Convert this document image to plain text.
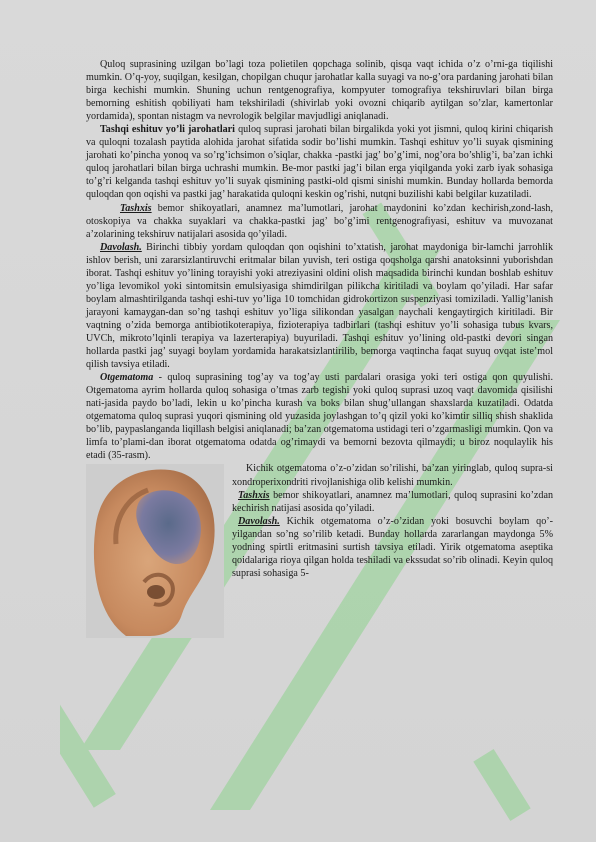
Quloq suprasining uzilgan bo’lagi toza polietilen qopchaga solinib, qisqa vaqt ichida o’z o’rni-ga tiqilishi mumkin. O’q-yoy, suqilgan, kesilgan, chopilgan chuqur jarohatlar kalla suyagi va no-g’ora pardaning jarohati bilan birga kechishi mumkin. Shuning uchun rentgenografiya, kompyuter tomografiya tekshiruvlari bilan birga bemorning eshitish qobiliyati ham tekshiriladi (shivirlab yoki ovozni chiqarib aytilgan so’zlar, kamertonlar yordamida), spontan nistagm va nevrologik belgilar mavjudligi aniqlanadi.

Tashqi eshituv yo’li jarohatlari quloq suprasi jarohati bilan birgalikda yoki yot jismni, quloq kirini chiqarish va quloqni tozalash paytida alohida jarohat sifatida sodir bo’lishi mumkin. Tashqi eshituv yo’li suyak qismining jarohati ko’pincha yonoq va so’rg’ichsimon o’siqlar, chakka -pastki jag’ bo’g’imi, nog’ora bo’shlig’i, ba’zan ichki quloq jarohatlari bilan birga uchrashi mumkin. Be-mor pastki jag’i bilan erga yiqilganda yoki zarb iyak sohasiga to’g’ri kelganda tashqi eshituv yo’li suyak qismining pastki-old qismi sinishi mumkin. Bunday hollarda bemorda quloqdan qon oqishi va pastki jag’ harakatida quloqni keskin og’rishi, nutqni buzilishi kabi belgilar kuzatiladi.

Tashxis bemor shikoyatlari, anamnez ma’lumotlari, jarohat maydonini ko’zdan kechirish,zond-lash, otoskopiya va chakka suyaklari va chakka-pastki jag’ bo’g’imi rentgenografiyasi, eshituv va muvozanat a’zolarining tekshiruv natijalari asosida qo’yiladi.

Davolash. Birinchi tibbiy yordam quloqdan qon oqishini to’xtatish, jarohat maydoniga bir-lamchi jarrohlik ishlov berish, uni zararsizlantiruvchi eritmalar bilan yuvish, teri ostiga qoqsholga qarshi anatoksinni yuborishdan iborat. Tashqi eshituv yo’lining torayishi yoki atreziyasini oldini olish maqsadida birinchi kundan boshlab eshituv yo’liga levomikol yoki sintomitsin emulsiyasiga shimdirilgan pilikcha kiritiladi va boylam qo’yiladi. Har safar boylam almashtirilganda tashqi eshi-tuv yo’liga 10 tomchidan gidrokortizon suspenziyasi tomiziladi. Yallig’lanish jarayoni kamaygan-dan so’ng tashqi eshituv yo’liga silikondan yasalgan naychali kengaytirgich kiritiladi. Bir vaqtning o’zida bemorga antibiotikoterapiya, fizioterapiya tadbirlari (tashqi eshituv yo’li sohasiga tubus kvars, UVCh, mikroto’lqinli terapiya va lazerterapiya) buyuriladi. Tashqi eshituv yo’lining old-pastki devori singan hollarda pastki jag’ suyagi boylam yordamida harakatsizlantirilib, bemorga vaqtincha faqat suyuq ovqat iste’mol qilish tavsiya etiladi.

Otgematoma - quloq suprasining tog’ay va tog’ay usti pardalari orasiga yoki teri ostiga qon quyulishi. Otgematoma ayrim hollarda quloq sohasiga o’tmas zarb tegishi yoki quloq suprasi uzoq vaqt davomida qisilishi nati-jasida paydo bo’ladi, lekin u ko’pincha kurash va boks bilan shug’ullangan shaxslarda kuzatiladi. Odatda otgematoma quloq suprasi yuqori qismining old yuzasida joylashgan to’q qizil yoki ko’kimtir silliq shish shaklida bo’lib, paypaslanganda liqillash belgisi aniqlanadi; ba’zan otgematoma ustidagi teri o’zgarmasligi mumkin. Qon va limfa to’plami-dan iborat otgematoma odatda og’rimaydi va bemorni bezovta qilmaydi; u biroz noqulaylik his etadi (35-rasm).

Kichik otgematoma o’z-o’zidan so’rilishi, ba’zan yiringlab, quloq supra-si xondroperixondriti rivojlanishiga olib kelishi mumkin.

Tashxis bemor shikoyatlari, anamnez ma’lumotlari, quloq suprasini ko’zdan kechirish natijasi asosida qo’yiladi.

Davolash. Kichik otgematoma o’z-o’zidan yoki bosuvchi boylam qo’-yilgandan so’ng so’rilib ketadi. Bunday hollarda zararlangan maydonga 5% yodning spirtli eritmasini surtish tavsiya etiladi. Yirik otgematoma aseptika qoidalariga rioya qilgan holda teshiladi va ekssudat so’rib olinadi. Keyin quloq suprasi sohasiga 5-
